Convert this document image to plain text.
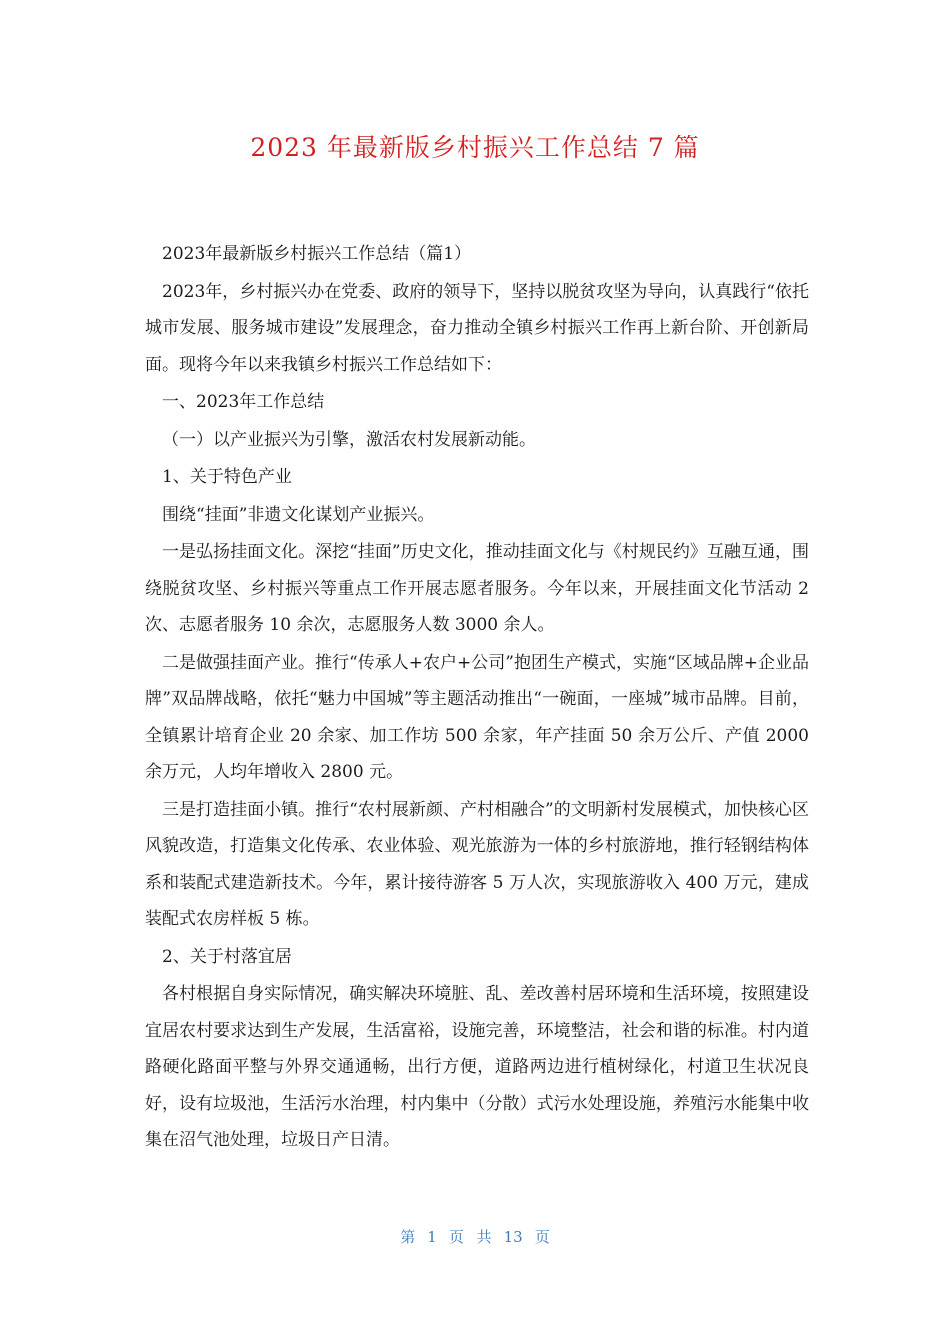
2023 年最新版乡村振兴工作总结 7 篇

2023年最新版乡村振兴工作总结（篇1）

2023年，乡村振兴办在党委、政府的领导下，坚持以脱贫攻坚为导向，认真践行“依托城市发展、服务城市建设”发展理念，奋力推动全镇乡村振兴工作再上新台阶、开创新局面。现将今年以来我镇乡村振兴工作总结如下：

一、2023年工作总结

（一）以产业振兴为引擎，激活农村发展新动能。

1、关于特色产业

围绕“挂面”非遗文化谋划产业振兴。

一是弘扬挂面文化。深挖“挂面”历史文化，推动挂面文化与《村规民约》互融互通，围绕脱贫攻坚、乡村振兴等重点工作开展志愿者服务。今年以来，开展挂面文化节活动 2 次、志愿者服务 10 余次，志愿服务人数 3000 余人。

二是做强挂面产业。推行“传承人+农户+公司”抱团生产模式，实施“区域品牌+企业品牌”双品牌战略，依托“魅力中国城”等主题活动推出“一碗面，一座城”城市品牌。目前，全镇累计培育企业 20 余家、加工作坊 500 余家，年产挂面 50 余万公斤、产值 2000 余万元，人均年增收入 2800 元。

三是打造挂面小镇。推行“农村展新颜、产村相融合”的文明新村发展模式，加快核心区风貌改造，打造集文化传承、农业体验、观光旅游为一体的乡村旅游地，推行轻钢结构体系和装配式建造新技术。今年，累计接待游客 5 万人次，实现旅游收入 400 万元，建成装配式农房样板 5 栋。

2、关于村落宜居

各村根据自身实际情况，确实解决环境脏、乱、差改善村居环境和生活环境，按照建设宜居农村要求达到生产发展，生活富裕，设施完善，环境整洁，社会和谐的标准。村内道路硬化路面平整与外界交通通畅，出行方便，道路两边进行植树绿化，村道卫生状况良好，设有垃圾池，生活污水治理，村内集中（分散）式污水处理设施，养殖污水能集中收集在沼气池处理，垃圾日产日清。

第 1 页 共 13 页
